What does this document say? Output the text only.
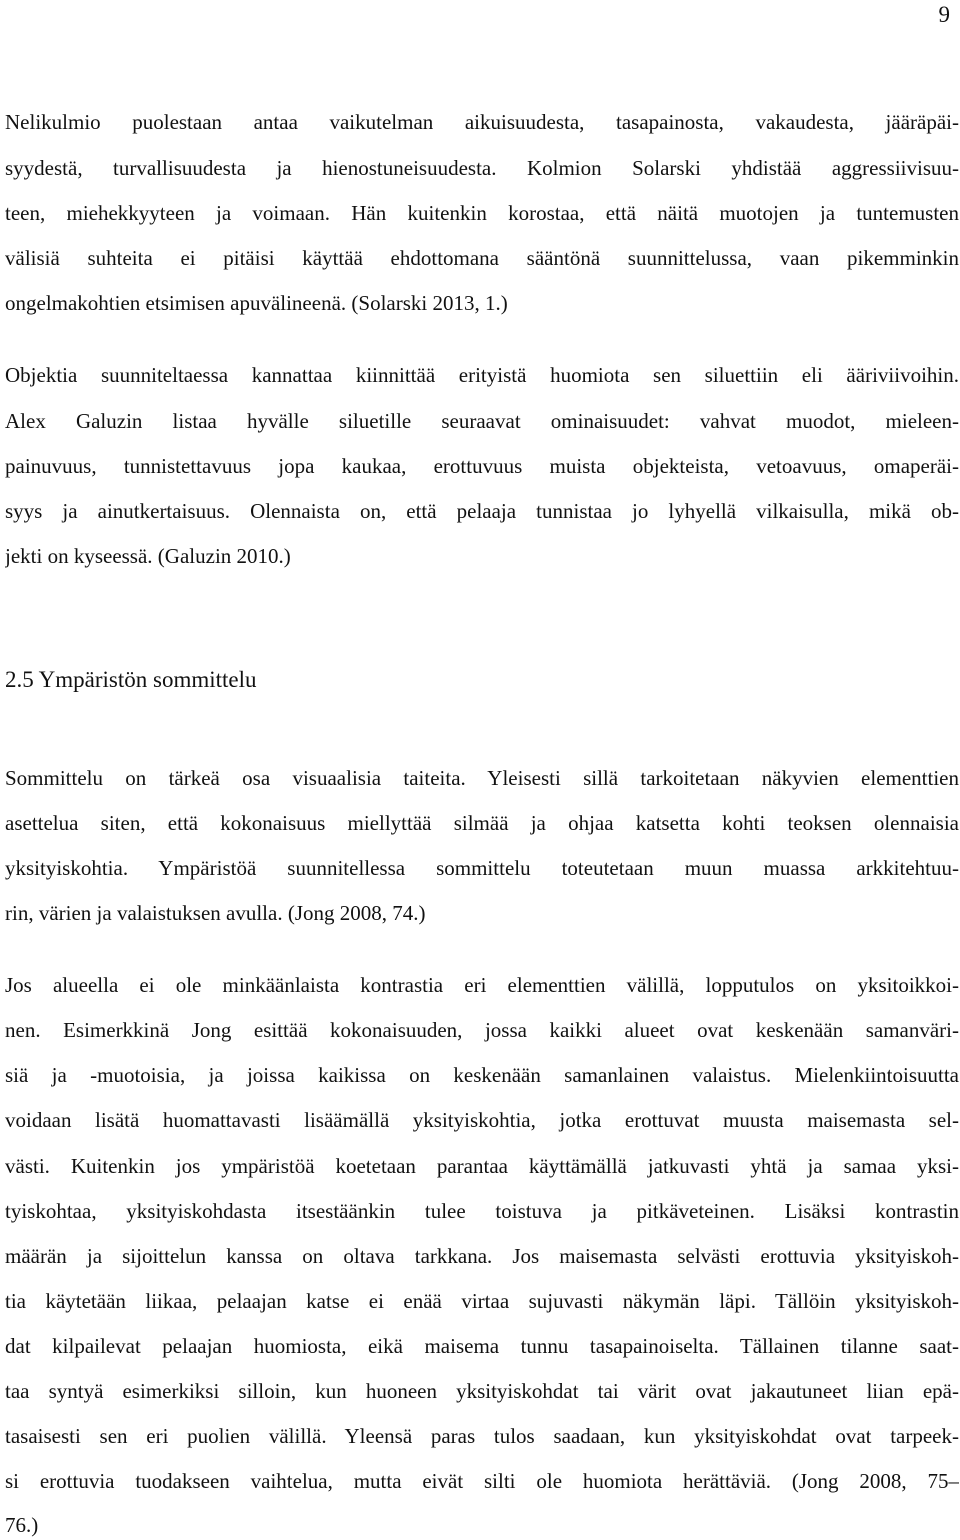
9
Nelikulmio puolestaan antaa vaikutelman aikuisuudesta, tasapainosta, vakaudesta, jääräpäi-
syydestä, turvallisuudesta ja hienostuneisuudesta. Kolmion Solarski yhdistää aggressiivisuu-
teen, miehekkyyteen ja voimaan. Hän kuitenkin korostaa, että näitä muotojen ja tuntemusten
välisiä suhteita ei pitäisi käyttää ehdottomana sääntönä suunnittelussa, vaan pikemminkin
ongelmakohtien etsimisen apuvälineenä. (Solarski 2013, 1.)
Objektia suunniteltaessa kannattaa kiinnittää erityistä huomiota sen siluettiin eli ääriviivoihin.
Alex Galuzin listaa hyvälle siluetille seuraavat ominaisuudet: vahvat muodot, mieleen-
painuvuus, tunnistettavuus jopa kaukaa, erottuvuus muista objekteista, vetoavuus, omaperäi-
syys ja ainutkertaisuus. Olennaista on, että pelaaja tunnistaa jo lyhyellä vilkaisulla, mikä ob-
jekti on kyseessä. (Galuzin 2010.)
2.5 Ympäristön sommittelu
Sommittelu on tärkeä osa visuaalisia taiteita. Yleisesti sillä tarkoitetaan näkyvien elementtien
asettelua siten, että kokonaisuus miellyttää silmää ja ohjaa katsetta kohti teoksen olennaisia
yksityiskohtia. Ympäristöä suunnitellessa sommittelu toteutetaan muun muassa arkkitehtuu-
rin, värien ja valaistuksen avulla. (Jong 2008, 74.)
Jos alueella ei ole minkäänlaista kontrastia eri elementtien välillä, lopputulos on yksitoikkoi-
nen. Esimerkkinä Jong esittää kokonaisuuden, jossa kaikki alueet ovat keskenään samanväri-
siä ja -muotoisia, ja joissa kaikissa on keskenään samanlainen valaistus. Mielenkiintoisuutta
voidaan lisätä huomattavasti lisäämällä yksityiskohtia, jotka erottuvat muusta maisemasta sel-
västi. Kuitenkin jos ympäristöä koetetaan parantaa käyttämällä jatkuvasti yhtä ja samaa yksi-
tyiskohtaa, yksityiskohdasta itsestäänkin tulee toistuva ja pitkäveteinen. Lisäksi kontrastin
määrän ja sijoittelun kanssa on oltava tarkkana. Jos maisemasta selvästi erottuvia yksityiskoh-
tia käytetään liikaa, pelaajan katse ei enää virtaa sujuvasti näkymän läpi. Tällöin yksityiskoh-
dat kilpailevat pelaajan huomiosta, eikä maisema tunnu tasapainoiselta. Tällainen tilanne saat-
taa syntyä esimerkiksi silloin, kun huoneen yksityiskohdat tai värit ovat jakautuneet liian epä-
tasaisesti sen eri puolien välillä. Yleensä paras tulos saadaan, kun yksityiskohdat ovat tarpeek-
si erottuvia tuodakseen vaihtelua, mutta eivät silti ole huomiota herättäviä. (Jong 2008, 75–
76.)
